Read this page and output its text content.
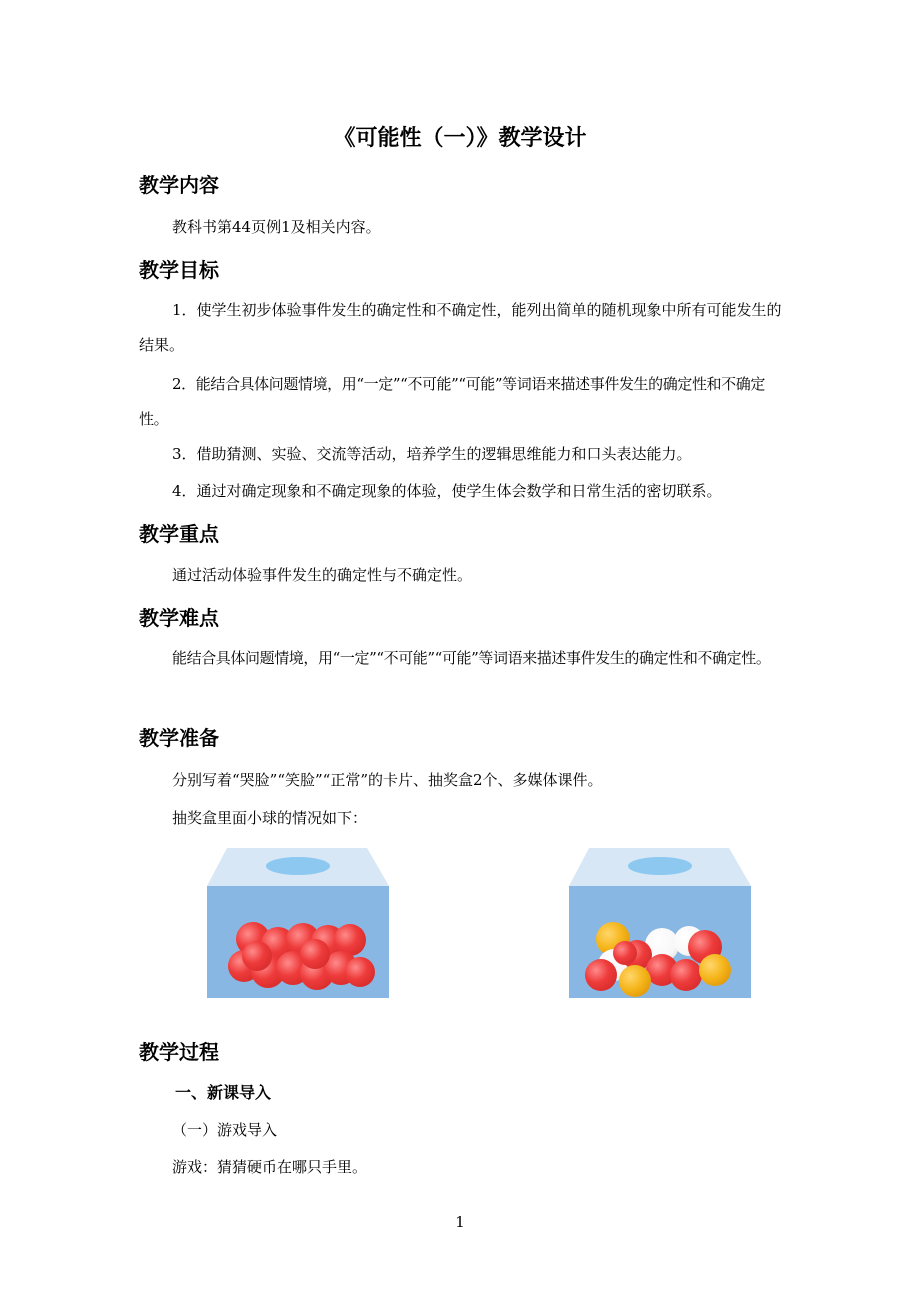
《可能性（一）》教学设计
教学内容
教科书第44页例1及相关内容。
教学目标

1．使学生初步体验事件发生的确定性和不确定性，能列出简单的随机现象中所有可能发生的结果。

2．能结合具体问题情境，用“一定”“不可能”“可能”等词语来描述事件发生的确定性和不确定性。

3．借助猜测、实验、交流等活动，培养学生的逻辑思维能力和口头表达能力。
4．通过对确定现象和不确定现象的体验，使学生体会数学和日常生活的密切联系。
教学重点
通过活动体验事件发生的确定性与不确定性。
教学难点

能结合具体问题情境，用“一定”“不可能”“可能”等词语来描述事件发生的确定性和不确定性。

教学准备
分别写着“哭脸”“笑脸”“正常”的卡片、抽奖盒2个、多媒体课件。
抽奖盒里面小球的情况如下：
教学过程
一、新课导入
（一）游戏导入
游戏：猜猜硬币在哪只手里。
1
